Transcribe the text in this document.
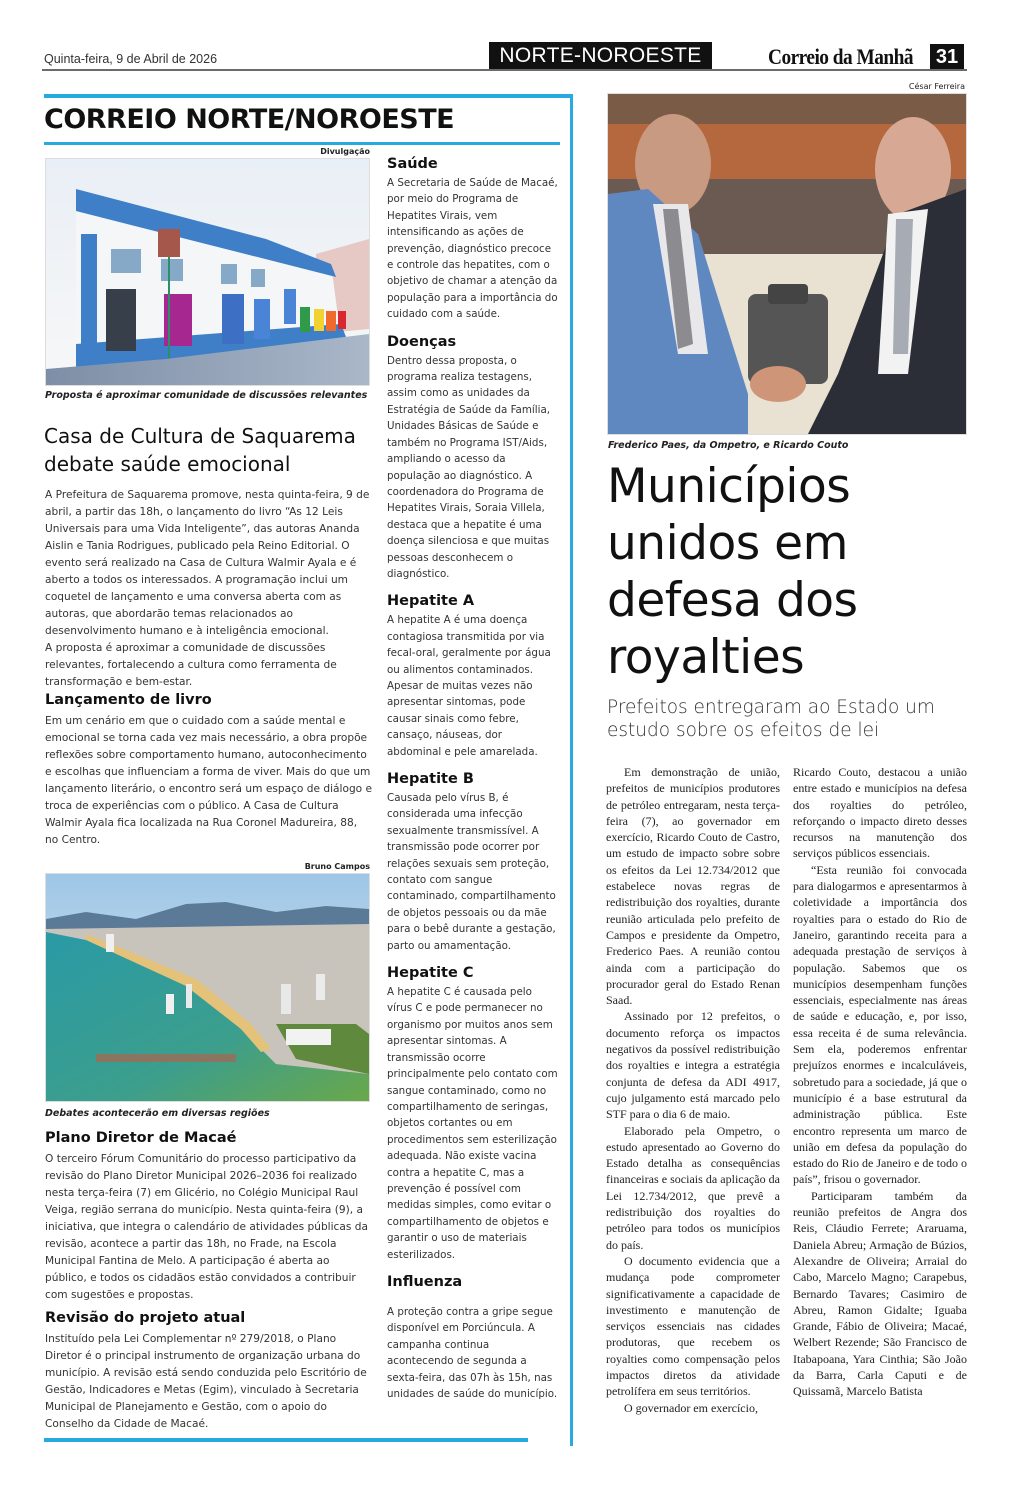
Quinta-feira, 9 de Abril de 2026	NORTE-NOROESTE	Correio da Manhã 31
CORREIO NORTE/NOROESTE
Divulgação
Proposta é aproximar comunidade de discussões relevantes
Casa de Cultura de Saquarema debate saúde emocional

A Prefeitura de Saquarema promove, nesta quinta-feira, 9 de abril, a partir das 18h, o lançamento do livro “As 12 Leis Universais para uma Vida Inteligente”, das autoras Ananda Aislin e Tania Rodrigues, publicado pela Reino Editorial. O evento será realizado na Casa de Cultura Walmir Ayala e é aberto a todos os interessados. A programação inclui um coquetel de lançamento e uma conversa aberta com as autoras, que abordarão temas relacionados ao desenvolvimento humano e à inteligência emocional.

A proposta é aproximar a comunidade de discussões relevantes, fortalecendo a cultura como ferramenta de transformação e bem-estar.

Lançamento de livro
Em um cenário em que o cuidado com a saúde mental e emocional se torna cada vez mais necessário, a obra propõe reflexões sobre comportamento humano, autoconhecimento e escolhas que influenciam a forma de viver. Mais do que um lançamento literário, o encontro será um espaço de diálogo e troca de experiências com o público. A Casa de Cultura Walmir Ayala fica localizada na Rua Coronel Madureira, 88, no Centro.
Bruno Campos
Debates acontecerão em diversas regiões
Plano Diretor de Macaé
O terceiro Fórum Comunitário do processo participativo da revisão do Plano Diretor Municipal 2026–2036 foi realizado nesta terça-feira (7) em Glicério, no Colégio Municipal Raul Veiga, região serrana do município. Nesta quinta-feira (9), a iniciativa, que integra o calendário de atividades públicas da revisão, acontece a partir das 18h, no Frade, na Escola Municipal Fantina de Melo. A participação é aberta ao público, e todos os cidadãos estão convidados a contribuir com sugestões e propostas.
Revisão do projeto atual
Instituído pela Lei Complementar nº 279/2018, o Plano Diretor é o principal instrumento de organização urbana do município. A revisão está sendo conduzida pelo Escritório de Gestão, Indicadores e Metas (Egim), vinculado à Secretaria Municipal de Planejamento e Gestão, com o apoio do Conselho da Cidade de Macaé.
Saúde
A Secretaria de Saúde de Macaé, por meio do Programa de Hepatites Virais, vem intensificando as ações de prevenção, diagnóstico precoce e controle das hepatites, com o objetivo de chamar a atenção da população para a importância do cuidado com a saúde.
Doenças
Dentro dessa proposta, o programa realiza testagens, assim como as unidades da Estratégia de Saúde da Família, Unidades Básicas de Saúde e também no Programa IST/Aids, ampliando o acesso da população ao diagnóstico. A coordenadora do Programa de Hepatites Virais, Soraia Villela, destaca que a hepatite é uma doença silenciosa e que muitas pessoas desconhecem o diagnóstico.
Hepatite A
A hepatite A é uma doença contagiosa transmitida por via fecal-oral, geralmente por água ou alimentos contaminados. Apesar de muitas vezes não apresentar sintomas, pode causar sinais como febre, cansaço, náuseas, dor abdominal e pele amarelada.
Hepatite B
Causada pelo vírus B, é considerada uma infecção sexualmente transmissível. A transmissão pode ocorrer por relações sexuais sem proteção, contato com sangue contaminado, compartilhamento de objetos pessoais ou da mãe para o bebê durante a gestação, parto ou amamentação.
Hepatite C
A hepatite C é causada pelo vírus C e pode permanecer no organismo por muitos anos sem apresentar sintomas. A transmissão ocorre principalmente pelo contato com sangue contaminado, como no compartilhamento de seringas, objetos cortantes ou em procedimentos sem esterilização adequada. Não existe vacina contra a hepatite C, mas a prevenção é possível com medidas simples, como evitar o compartilhamento de objetos e garantir o uso de materiais esterilizados.
Influenza
A proteção contra a gripe segue disponível em Porciúncula. A campanha continua acontecendo de segunda a sexta-feira, das 07h às 15h, nas unidades de saúde do município.
César Ferreira
Frederico Paes, da Ompetro, e Ricardo Couto
Municípios unidos em defesa dos royalties
Prefeitos entregaram ao Estado um estudo sobre os efeitos de lei

Em demonstração de união, prefeitos de municípios produtores de petróleo entregaram, nesta terça-feira (7), ao governador em exercício, Ricardo Couto de Castro, um estudo de impacto sobre sobre os efeitos da Lei 12.734/2012 que estabelece novas regras de redistribuição dos royalties, durante reunião articulada pelo prefeito de Campos e presidente da Ompetro, Frederico Paes. A reunião contou ainda com a participação do procurador geral do Estado Renan Saad.

Assinado por 12 prefeitos, o documento reforça os impactos negativos da possível redistribuição dos royalties e integra a estratégia conjunta de defesa da ADI 4917, cujo julgamento está marcado pelo STF para o dia 6 de maio.

Elaborado pela Ompetro, o estudo apresentado ao Governo do Estado detalha as consequências financeiras e sociais da aplicação da Lei 12.734/2012, que prevê a redistribuição dos royalties do petróleo para todos os municípios do país.

O documento evidencia que a mudança pode comprometer significativamente a capacidade de investimento e manutenção de serviços essenciais nas cidades produtoras, que recebem os royalties como compensação pelos impactos diretos da atividade petrolífera em seus territórios.

O governador em exercício,

Ricardo Couto, destacou a união entre estado e municípios na defesa dos royalties do petróleo, reforçando o impacto direto desses recursos na manutenção dos serviços públicos essenciais.

“Esta reunião foi convocada para dialogarmos e apresentarmos à coletividade a importância dos royalties para o estado do Rio de Janeiro, garantindo receita para a adequada prestação de serviços à população. Sabemos que os municípios desempenham funções essenciais, especialmente nas áreas de saúde e educação, e, por isso, essa receita é de suma relevância. Sem ela, poderemos enfrentar prejuízos enormes e incalculáveis, sobretudo para a sociedade, já que o município é a base estrutural da administração pública. Este encontro representa um marco de união em defesa da população do estado do Rio de Janeiro e de todo o país”, frisou o governador.

Participaram também da reunião prefeitos de Angra dos Reis, Cláudio Ferrete; Araruama, Daniela Abreu; Armação de Búzios, Alexandre de Oliveira; Arraial do Cabo, Marcelo Magno; Carapebus, Bernardo Tavares; Casimiro de Abreu, Ramon Gidalte; Iguaba Grande, Fábio de Oliveira; Macaé, Welbert Rezende; São Francisco de Itabapoana, Yara Cinthia; São João da Barra, Carla Caputi e de Quissamã, Marcelo Batista
